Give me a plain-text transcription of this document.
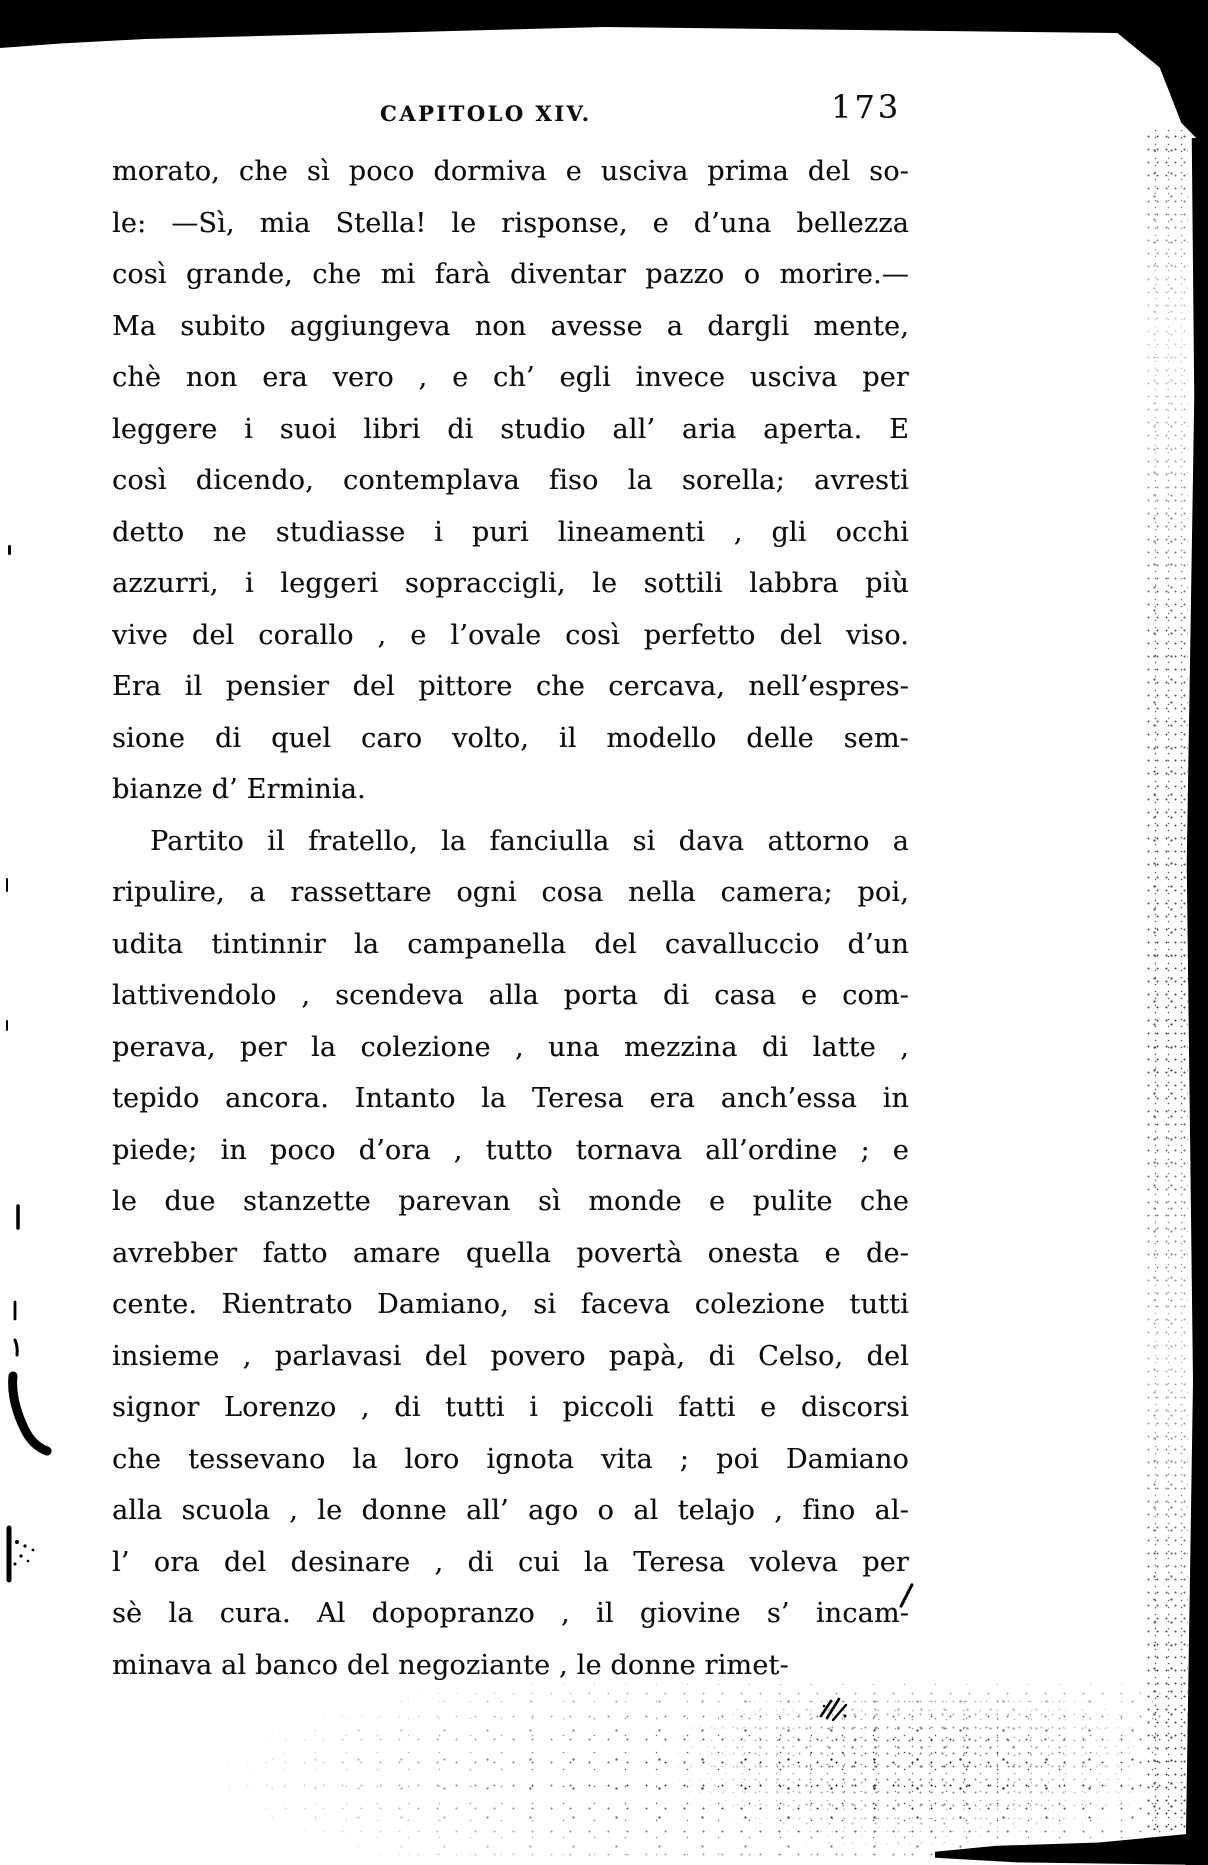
CAPITOLO XIV.	173
morato, che sì poco dormiva e usciva prima del so-
le: —Sì, mia Stella! le risponse, e d’una bellezza
così grande, che mi farà diventar pazzo o morire.—
Ma subito aggiungeva non avesse a dargli mente,
chè non era vero , e ch’ egli invece usciva per
leggere i suoi libri di studio all’ aria aperta. E
così dicendo, contemplava fiso la sorella; avresti
detto ne studiasse i puri lineamenti , gli occhi
azzurri, i leggeri sopraccigli, le sottili labbra più
vive del corallo , e l’ovale così perfetto del viso.
Era il pensier del pittore che cercava, nell’espres-
sione di quel caro volto, il modello delle sem-
bianze d’ Erminia.
Partito il fratello, la fanciulla si dava attorno a
ripulire, a rassettare ogni cosa nella camera; poi,
udita tintinnir la campanella del cavalluccio d’un
lattivendolo , scendeva alla porta di casa e com-
perava, per la colezione , una mezzina di latte ,
tepido ancora. Intanto la Teresa era anch’essa in
piede; in poco d’ora , tutto tornava all’ordine ; e
le due stanzette parevan sì monde e pulite che
avrebber fatto amare quella povertà onesta e de-
cente. Rientrato Damiano, si faceva colezione tutti
insieme , parlavasi del povero papà, di Celso, del
signor Lorenzo , di tutti i piccoli fatti e discorsi
che tessevano la loro ignota vita ; poi Damiano
alla scuola , le donne all’ ago o al telajo , fino al-
l’ ora del desinare , di cui la Teresa voleva per
sè la cura. Al dopopranzo , il giovine s’ incam-
minava al banco del negoziante , le donne rimet-
